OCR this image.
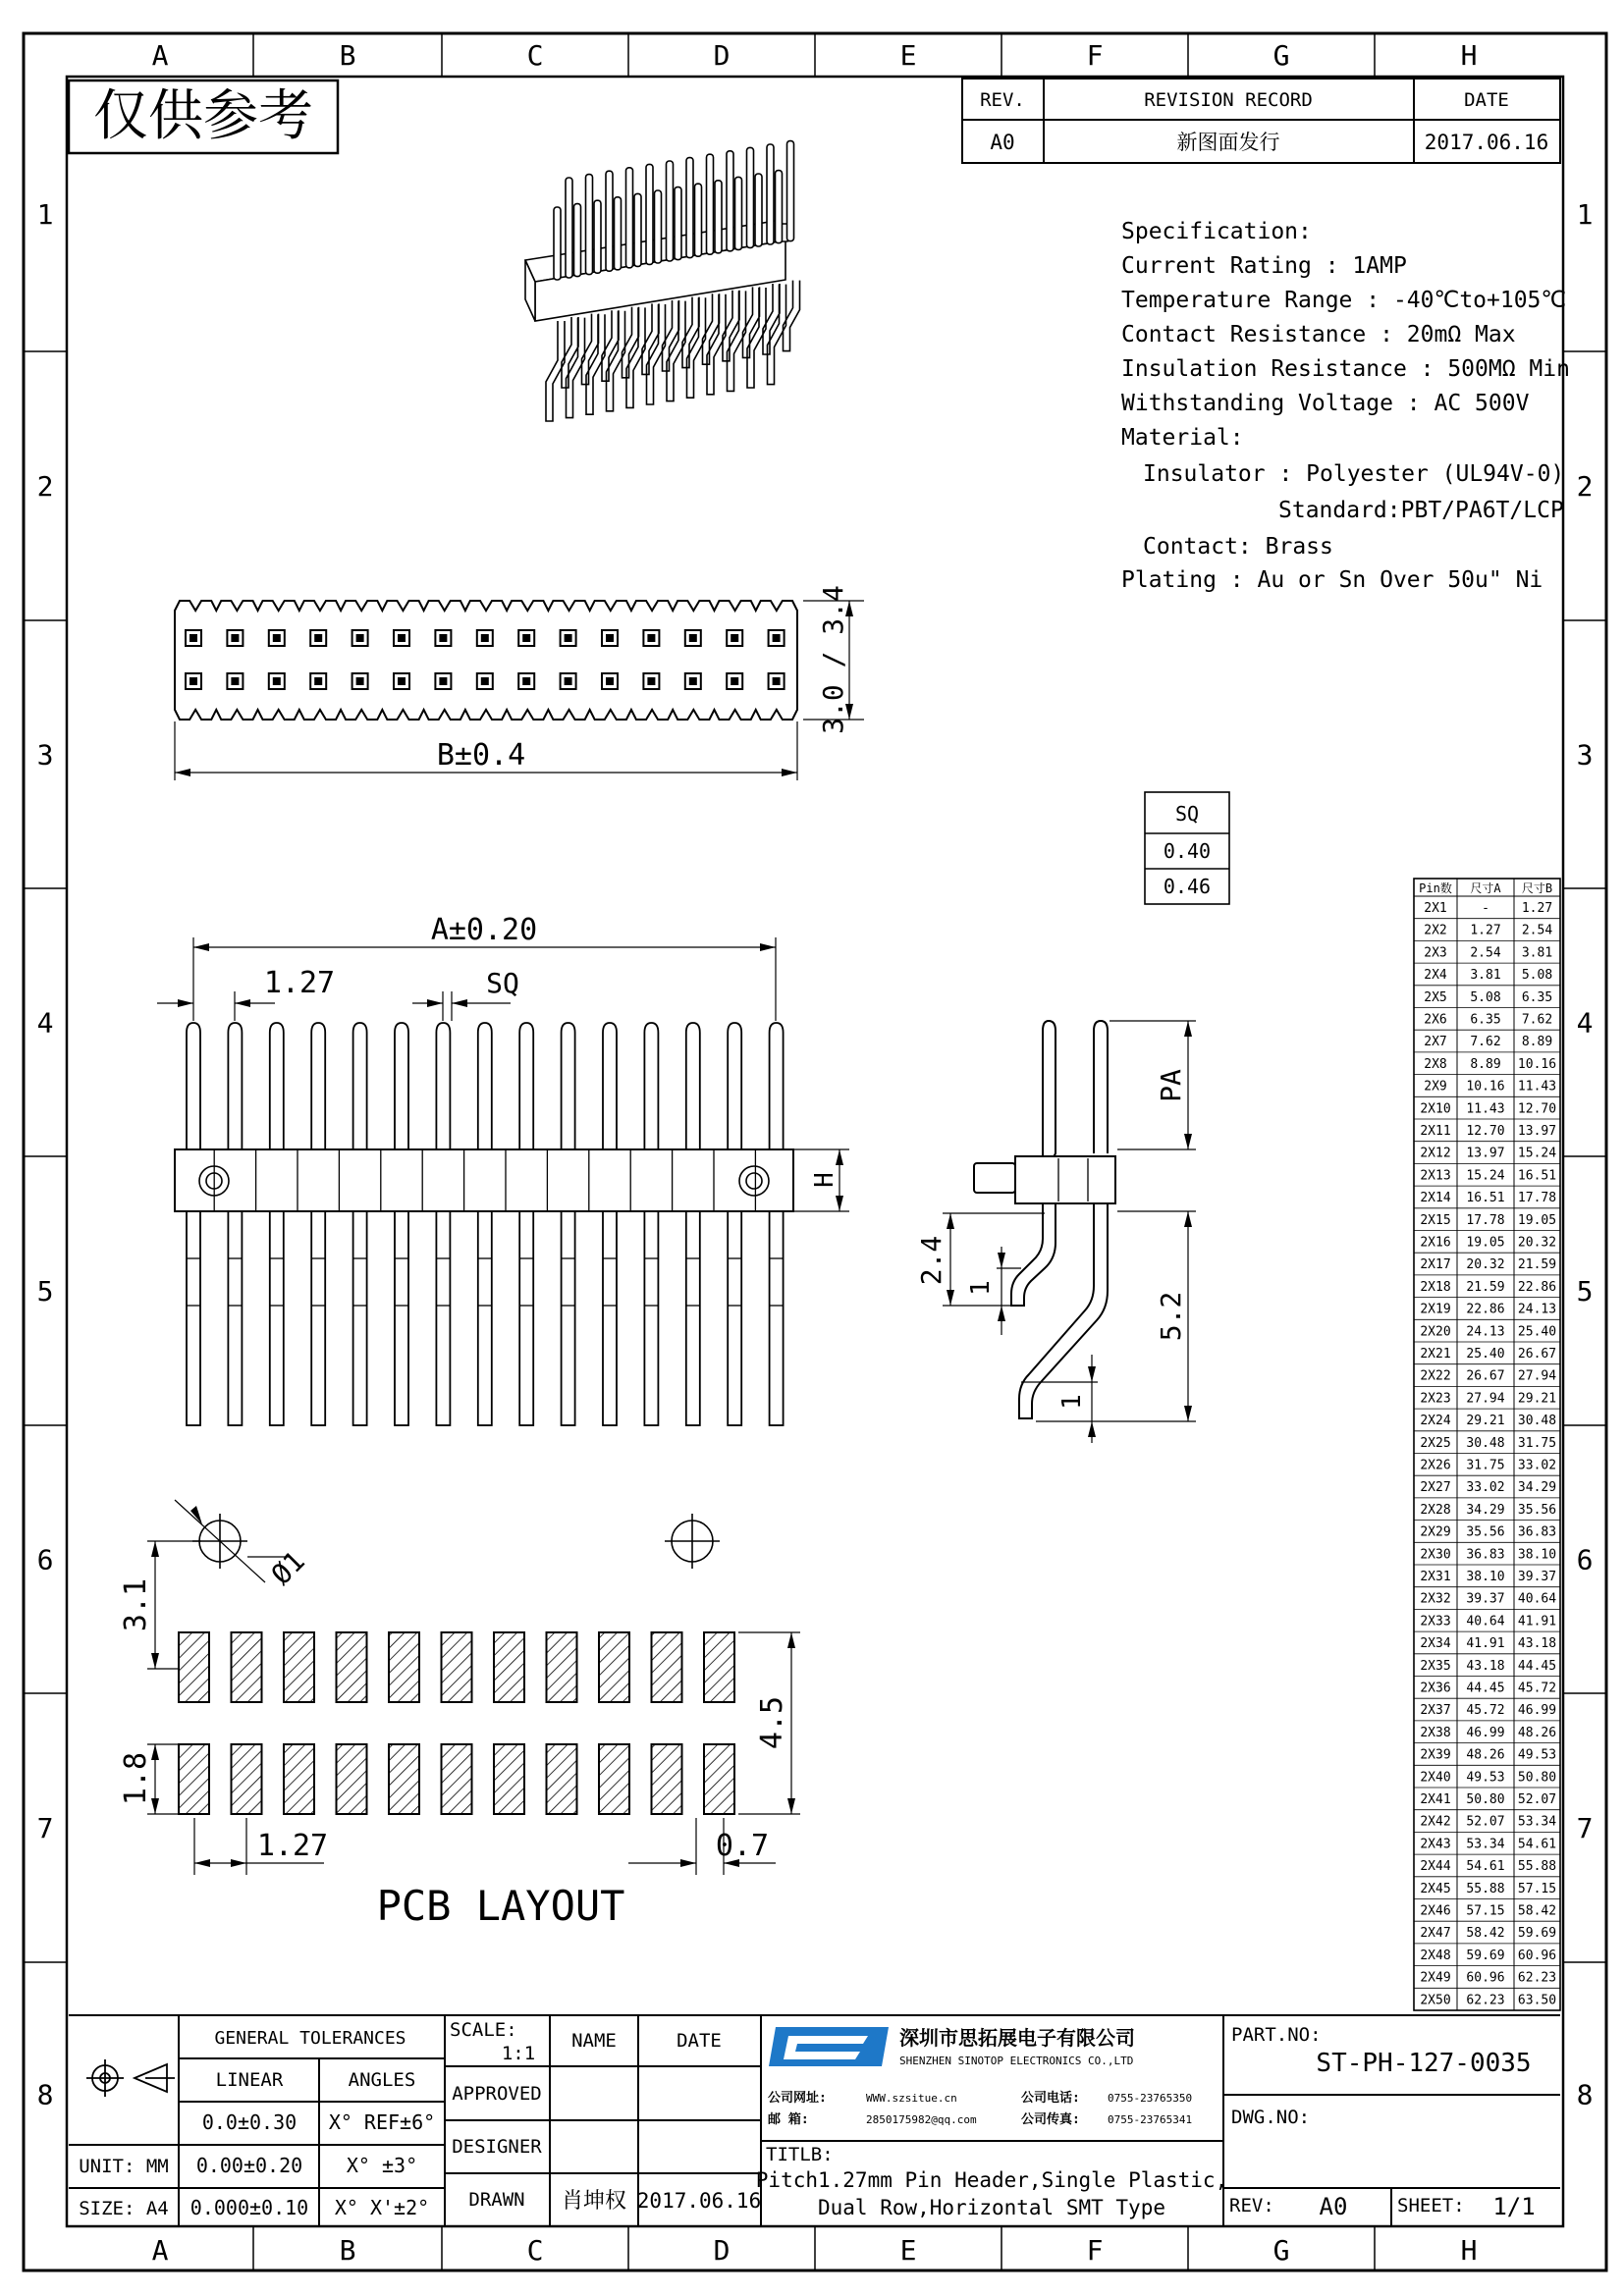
A
A
B
B
C
C
D
D
E
E
F
F
G
G
H
H
1	1
2	2
3	3
4	4
5	5
6	6
7	7
8	8
仅供参考	REV.	REVISION RECORD	DATE
A0	新图面发行	2017.06.16
Specification:
Current Rating : 1AMP
Temperature Range : -40℃to+105℃
Contact Resistance : 20mΩ Max
Insulation Resistance : 500MΩ Min
Withstanding Voltage : AC 500V
Material:
Insulator : Polyester (UL94V-0)
Standard:PBT/PA6T/LCP
Contact: Brass
Plating : Au or Sn Over 50u" Ni
3.0 / 3.4
B±0.4
SQ
0.40
0.46
A±0.20
1.27	SQ
H
PA
2.4
1
5.2
1
Ø1
3.1
1.8
4.5
1.27	0.7
PCB LAYOUT
Pin数 尺寸A 尺寸B
2X1	-	1.27
2X2 1.27 2.54
2X3 2.54 3.81
2X4 3.81 5.08
2X5 5.08 6.35
2X6 6.35 7.62
2X7 7.62 8.89
2X8 8.89 10.16
2X9 10.16 11.43
2X10 11.43 12.70
2X11 12.70 13.97
2X12 13.97 15.24
2X13 15.24 16.51
2X14 16.51 17.78
2X15 17.78 19.05
2X16 19.05 20.32
2X17 20.32 21.59
2X18 21.59 22.86
2X19 22.86 24.13
2X20 24.13 25.40
2X21 25.40 26.67
2X22 26.67 27.94
2X23 27.94 29.21
2X24 29.21 30.48
2X25 30.48 31.75
2X26 31.75 33.02
2X27 33.02 34.29
2X28 34.29 35.56
2X29 35.56 36.83
2X30 36.83 38.10
2X31 38.10 39.37
2X32 39.37 40.64
2X33 40.64 41.91
2X34 41.91 43.18
2X35 43.18 44.45
2X36 44.45 45.72
2X37 45.72 46.99
2X38 46.99 48.26
2X39 48.26 49.53
2X40 49.53 50.80
2X41 50.80 52.07
2X42 52.07 53.34
2X43 53.34 54.61
2X44 54.61 55.88
2X45 55.88 57.15
2X46 57.15 58.42
2X47 58.42 59.69
2X48 59.69 60.96
2X49 60.96 62.23
2X50 62.23 63.50
GENERAL TOLERANCES
LINEAR	ANGLES
0.0±0.30 X° REF±6°
0.00±0.20 X° ±3°
0.000±0.10 X° X'±2°
UNIT: MM
SIZE: A4
SCALE:
1:1
NAME	DATE
APPROVED
DESIGNER
DRAWN 肖坤权 2017.06.16
深圳市思拓展电子有限公司
SHENZHEN SINOTOP ELECTRONICS CO.,LTD
公司网址:	WWW.szsitue.cn
邮 箱:	2850175982@qq.com
公司电话:	0755-23765350
公司传真:	0755-23765341
TITLB:
Pitch1.27mm Pin Header,Single Plastic,
Dual Row,Horizontal SMT Type
PART.NO:
ST-PH-127-0035
DWG.NO:
REV: A0	SHEET: 1/1
